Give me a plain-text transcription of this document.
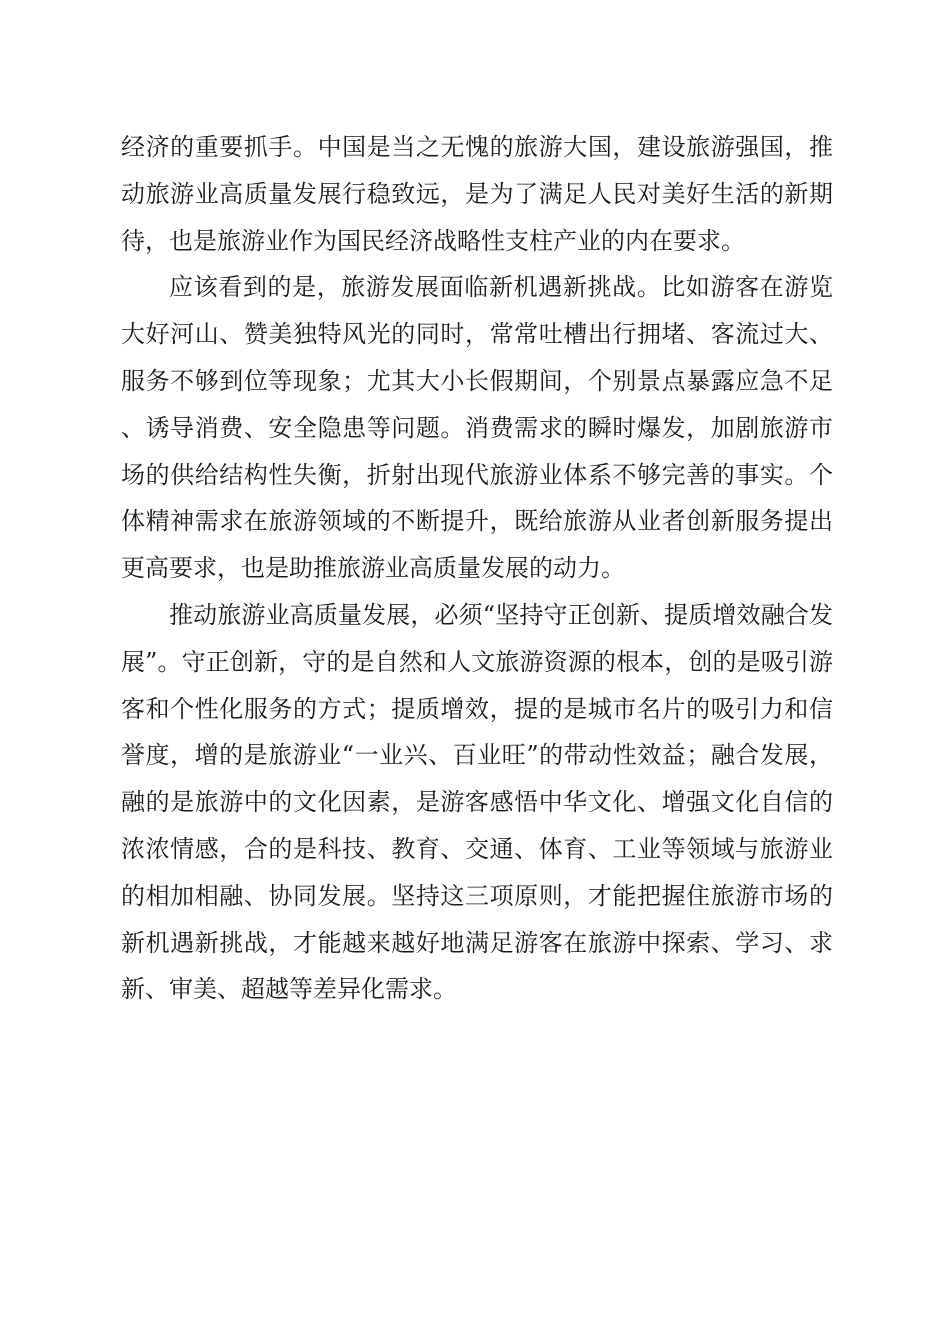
经济的重要抓手。中国是当之无愧的旅游大国，建设旅游强国，推动旅游业高质量发展行稳致远，是为了满足人民对美好生活的新期待，也是旅游业作为国民经济战略性支柱产业的内在要求。

应该看到的是，旅游发展面临新机遇新挑战。比如游客在游览大好河山、赞美独特风光的同时，常常吐槽出行拥堵、客流过大、服务不够到位等现象；尤其大小长假期间，个别景点暴露应急不足、诱导消费、安全隐患等问题。消费需求的瞬时爆发，加剧旅游市场的供给结构性失衡，折射出现代旅游业体系不够完善的事实。个体精神需求在旅游领域的不断提升，既给旅游从业者创新服务提出更高要求，也是助推旅游业高质量发展的动力。

推动旅游业高质量发展，必须“坚持守正创新、提质增效融合发展”。守正创新，守的是自然和人文旅游资源的根本，创的是吸引游客和个性化服务的方式；提质增效，提的是城市名片的吸引力和信誉度，增的是旅游业“一业兴、百业旺”的带动性效益；融合发展，融的是旅游中的文化因素，是游客感悟中华文化、增强文化自信的浓浓情感，合的是科技、教育、交通、体育、工业等领域与旅游业的相加相融、协同发展。坚持这三项原则，才能把握住旅游市场的新机遇新挑战，才能越来越好地满足游客在旅游中探索、学习、求新、审美、超越等差异化需求。
